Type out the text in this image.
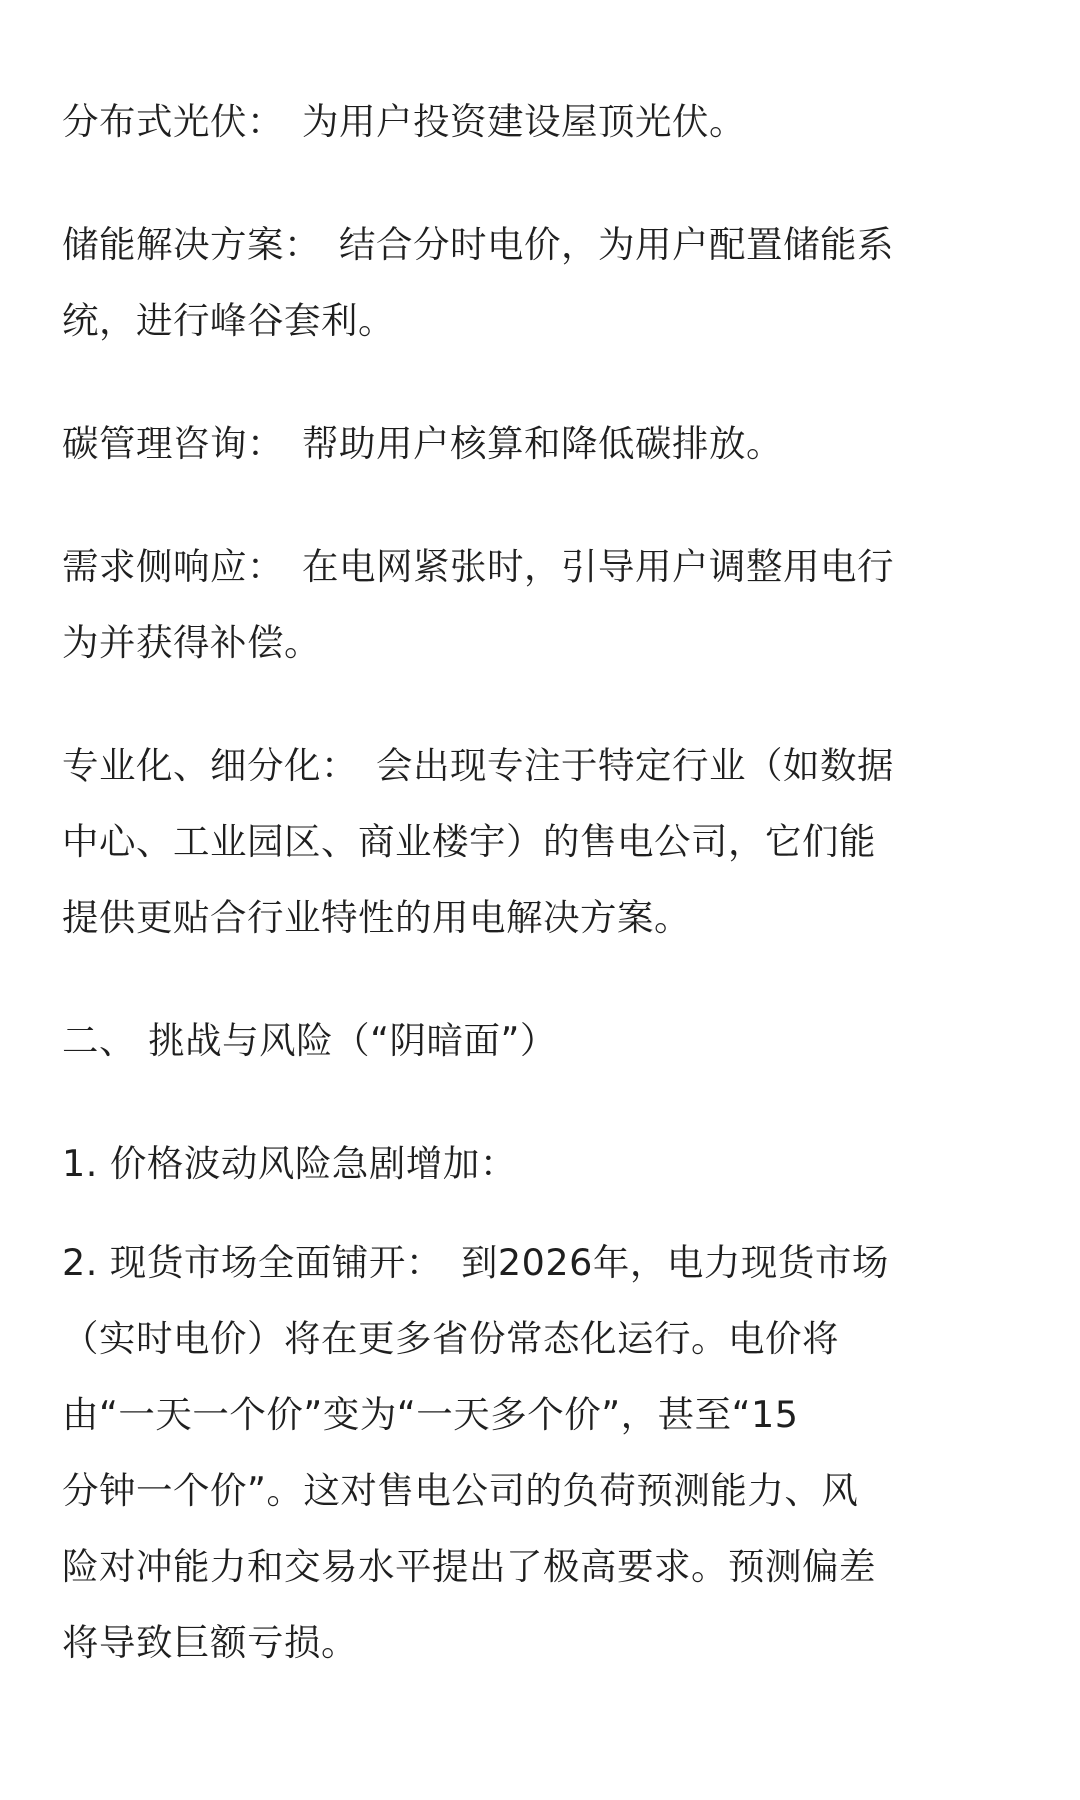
分布式光伏： 为用户投资建设屋顶光伏。

储能解决方案： 结合分时电价，为用户配置储能系
统，进行峰谷套利。

碳管理咨询： 帮助用户核算和降低碳排放。

需求侧响应： 在电网紧张时，引导用户调整用电行
为并获得补偿。

专业化、细分化： 会出现专注于特定行业（如数据
中心、工业园区、商业楼宇）的售电公司，它们能
提供更贴合行业特性的用电解决方案。

二、 挑战与风险（“阴暗面”）

1. 价格波动风险急剧增加：

2. 现货市场全面铺开： 到2026年，电力现货市场
（实时电价）将在更多省份常态化运行。电价将
由“一天一个价”变为“一天多个价”，甚至“15
分钟一个价”。这对售电公司的负荷预测能力、风
险对冲能力和交易水平提出了极高要求。预测偏差
将导致巨额亏损。
